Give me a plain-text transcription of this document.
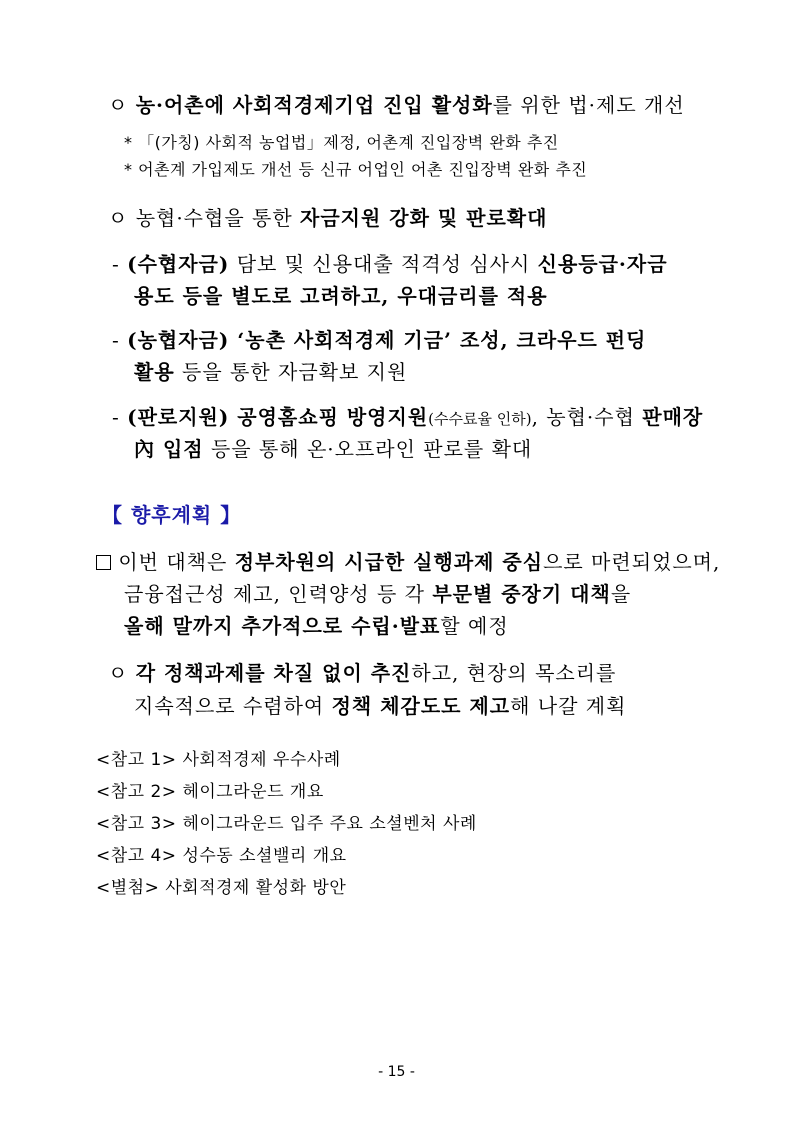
ㅇ 농·어촌에 사회적경제기업 진입 활성화를 위한 법·제도 개선
* 「(가칭) 사회적 농업법」제정, 어촌계 진입장벽 완화 추진
* 어촌계 가입제도 개선 등 신규 어업인 어촌 진입장벽 완화 추진
ㅇ 농협·수협을 통한 자금지원 강화 및 판로확대
- (수협자금) 담보 및 신용대출 적격성 심사시 신용등급·자금
용도 등을 별도로 고려하고, 우대금리를 적용
- (농협자금) ‘농촌 사회적경제 기금’ 조성, 크라우드 펀딩
활용 등을 통한 자금확보 지원
- (판로지원) 공영홈쇼핑 방영지원(수수료율 인하), 농협·수협 판매장
內 입점 등을 통해 온·오프라인 판로를 확대
【 향후계획 】
이번 대책은 정부차원의 시급한 실행과제 중심으로 마련되었으며,
금융접근성 제고, 인력양성 등 각 부문별 중장기 대책을
올해 말까지 추가적으로 수립·발표할 예정
ㅇ 각 정책과제를 차질 없이 추진하고, 현장의 목소리를
지속적으로 수렴하여 정책 체감도도 제고해 나갈 계획
<참고 1> 사회적경제 우수사례
<참고 2> 헤이그라운드 개요
<참고 3> 헤이그라운드 입주 주요 소셜벤처 사례
<참고 4> 성수동 소셜밸리 개요
<별첨> 사회적경제 활성화 방안
- 15 -
